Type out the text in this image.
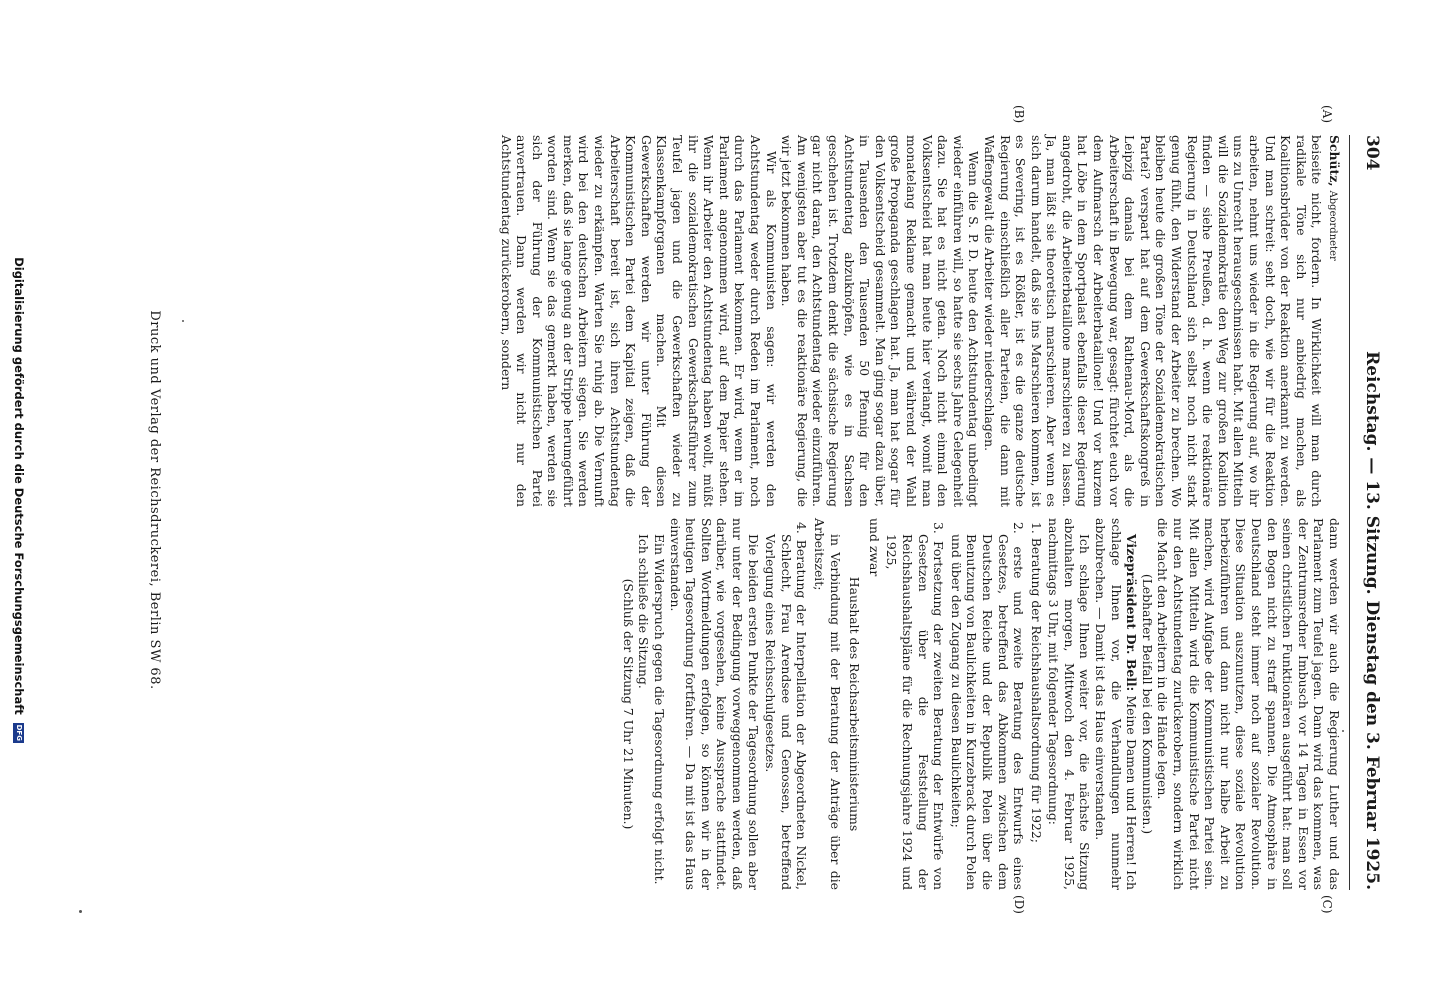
304
Reichstag. — 13. Sitzung. Dienstag den 3. Februar 1925.
(A)
(B)
(C)
(D)

Schütz, Abgeordneter

beiseite nicht, fordern. In Wirklichkeit will man durch radikale Töne sich nur anbiedrig machen, als Koalitionsbrüder von der Reaktion anerkannt zu werden. Und man schreit: seht doch, wie wir für die Reaktion arbeiten, nehmt uns wieder in die Regierung auf, wo ihr uns zu Unrecht herausgeschmissen habt. Mit allen Mitteln will die Sozialdemokratie den Weg zur großen Koalition finden — siehe Preußen, d. h. wenn die reaktionäre Regierung in Deutschland sich selbst noch nicht stark genug fühlt, den Widerstand der Arbeiter zu brechen. Wo bleiben heute die großen Töne der Sozialdemokratischen Partei? verspart hat auf dem Gewerkschaftskongreß in Leipzig damals bei dem Rathenau-Mord, als die Arbeiterschaft in Bewegung war, gesagt: fürchtet euch vor dem Aufmarsch der Arbeiterbataillone! Und vor kurzem hat Löbe in dem Sportpalast ebenfalls dieser Regierung angedroht, die Arbeiterbataillone marschieren zu lassen. Ja, man läßt sie theoretisch marschieren. Aber wenn es sich darum handelt, daß sie ins Marschieren kommen, ist es Severing, ist es Rößler, ist es die ganze deutsche Regierung einschließlich aller Parteien, die dann mit Waffengewalt die Arbeiter wieder niederschlagen.

Wenn die S. P. D. heute den Achtstundentag unbedingt wieder einführen will, so hatte sie sechs Jahre Gelegenheit dazu. Sie hat es nicht getan. Noch nicht einmal den Volksentscheid hat man heute hier verlangt, womit man monatelang Reklame gemacht und während der Wahl große Propaganda geschlagen hat. Ja, man hat sogar für den Volksentscheid gesammelt. Man ging sogar dazu über, in Tausenden den Tausenden 50 Pfennig für den Achtstundentag abzuknöpfen, wie es in Sachsen geschehen ist. Trotzdem denkt die sächsische Regierung gar nicht daran, den Achtstundentag wieder einzuführen. Am wenigsten aber tut es die reaktionäre Regierung, die wir jetzt bekommen haben.

Wir als Kommunisten sagen: wir werden den Achtstundentag weder durch Reden im Parlament, noch durch das Parlament bekommen. Er wird, wenn er im Parlament angenommen wird, auf dem Papier stehen. Wenn ihr Arbeiter den Achtstundentag haben wollt, müßt ihr die sozialdemokratischen Gewerkschaftsführer zum Teufel jagen und die Gewerkschaften wieder zu Klassenkampforganen machen. Mit diesen Gewerkschaften werden wir unter Führung der Kommunistischen Partei dem Kapital zeigen, daß die Arbeiterschaft bereit ist, sich ihren Achtstundentag wieder zu erkämpfen. Warten Sie ruhig ab. Die Vernunft wird bei den deutschen Arbeitern siegen. Sie werden merken, daß sie lange genug an der Strippe herumgeführt worden sind. Wenn sie das gemerkt haben, werden sie sich der Führung der Kommunistischen Partei anvertrauen. Dann werden wir nicht nur den Achtstundentag zurückerobern, sondern

dann werden wir auch die Regierung Luther und das Parlament zum Teufel jagen. Dann wird das kommen, was der Zentrumsredner Imbusch vor 14 Tagen in Essen vor seinen christlichen Funktionären ausgeführt hat: man soll den Bogen nicht zu straff spannen. Die Atmosphäre in Deutschland steht immer noch auf sozialer Revolution. Diese Situation auszunutzen, diese soziale Revolution herbeizuführen und dann nicht nur halbe Arbeit zu machen, wird Aufgabe der Kommunistischen Partei sein. Mit allen Mitteln wird die Kommunistische Partei nicht nur den Achtstundentag zurückerobern, sondern wirklich die Macht den Arbeitern in die Hände legen.

(Lebhafter Beifall bei den Kommunisten.)

Vizepräsident Dr. Bell: Meine Damen und Herren! Ich schlage Ihnen vor, die Verhandlungen nunmehr abzubrechen. — Damit ist das Haus einverstanden.

Ich schlage Ihnen weiter vor, die nächste Sitzung abzuhalten morgen, Mittwoch den 4. Februar 1925, nachmittags 3 Uhr, mit folgender Tagesordnung:

1. Beratung der Reichshaushaltsordnung für 1922;

2. erste und zweite Beratung des Entwurfs eines Gesetzes, betreffend das Abkommen zwischen dem Deutschen Reiche und der Republik Polen über die Benutzung von Baulichkeiten in Kurzebrack durch Polen und über den Zugang zu diesen Baulichkeiten;

3. Fortsetzung der zweiten Beratung der Entwürfe von Gesetzen über die Feststellung der Reichshaushaltspläne für die Rechnungsjahre 1924 und 1925,

und zwar

Haushalt des Reichsarbeitsministeriums

in Verbindung mit der Beratung der Anträge über die Arbeitszeit;

4. Beratung der Interpellation der Abgeordneten Nickel, Schlecht, Frau Arendsee und Genossen, betreffend Vorlegung eines Reichsschulgesetzes.

Die beiden ersten Punkte der Tagesordnung sollen aber nur unter der Bedingung vorweggenommen werden, daß darüber, wie vorgesehen, keine Aussprache stattfindet. Sollten Wortmeldungen erfolgen, so können wir in der heutigen Tagesordnung fortfahren. — Da mit ist das Haus einverstanden.

Ein Widerspruch gegen die Tagesordnung erfolgt nicht.

Ich schließe die Sitzung.

(Schluß der Sitzung 7 Uhr 21 Minuten.)

Druck und Verlag der Reichsdruckerei, Berlin SW 68.
Digitalisierung gefördert durch die Deutsche Forschungsgemeinschaft DFG
